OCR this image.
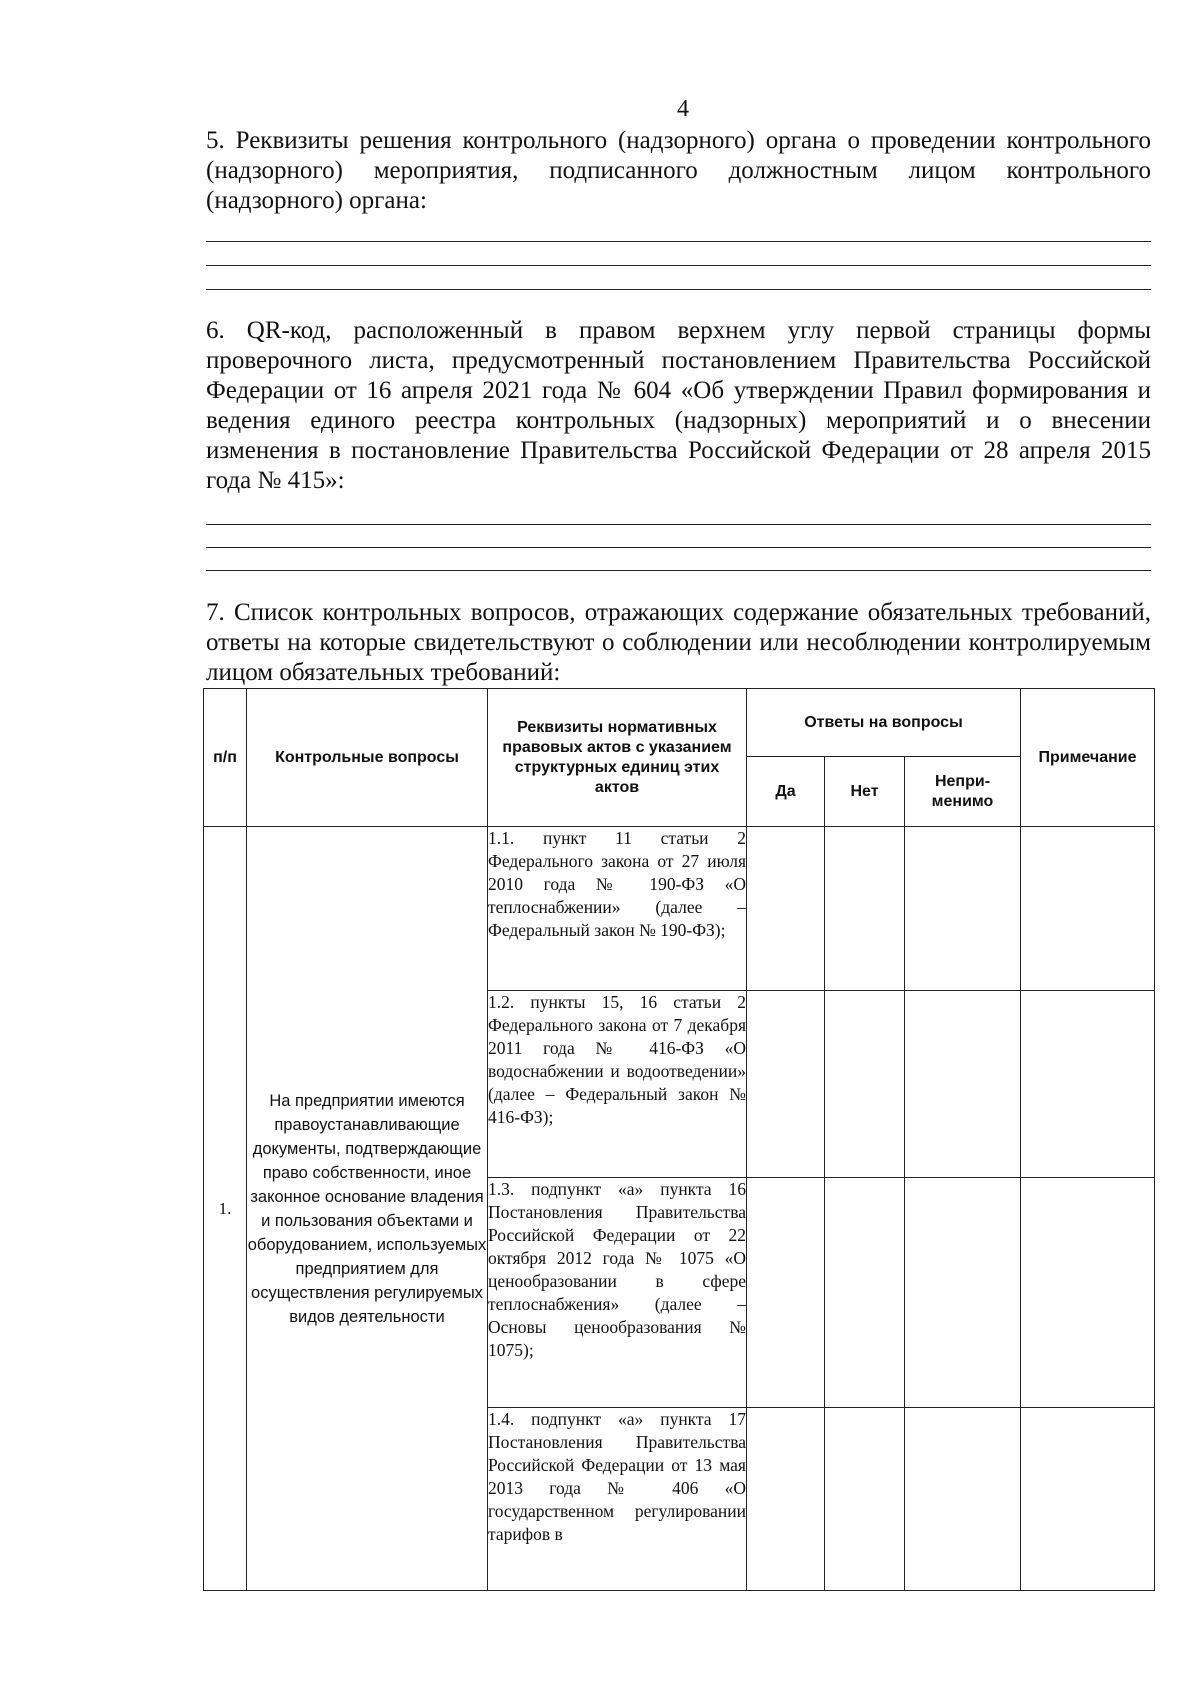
4
5. Реквизиты решения контрольного (надзорного) органа о проведении контрольного (надзорного) мероприятия, подписанного должностным лицом контрольного (надзорного) органа:
6. QR-код, расположенный в правом верхнем углу первой страницы формы проверочного листа, предусмотренный постановлением Правительства Российской Федерации от 16 апреля 2021 года № 604 «Об утверждении Правил формирования и ведения единого реестра контрольных (надзорных) мероприятий и о внесении изменения в постановление Правительства Российской Федерации от 28 апреля 2015 года № 415»:
7. Список контрольных вопросов, отражающих содержание обязательных требований, ответы на которые свидетельствуют о соблюдении или несоблюдении контролируемым лицом обязательных требований:
п/п	Контрольные вопросы	Реквизиты нормативных правовых актов с указанием структурных единиц этих актов	Ответы на вопросы			Примечание
			Да	Нет	Непри-менимо	
1.	На предприятии имеются правоустанавливающие документы, подтверждающие право собственности, иное законное основание владения и пользования объектами и оборудованием, используемых предприятием для осуществления регулируемых видов деятельности	1.1. пункт 11 статьи 2 Федерального закона от 27 июля 2010 года № 190-ФЗ «О теплоснабжении» (далее – Федеральный закон № 190-ФЗ);				
		1.2. пункты 15, 16 статьи 2 Федерального закона от 7 декабря 2011 года № 416-ФЗ «О водоснабжении и водоотведении» (далее – Федеральный закон № 416-ФЗ);				
		1.3. подпункт «а» пункта 16 Постановления Правительства Российской Федерации от 22 октября 2012 года № 1075 «О ценообразовании в сфере теплоснабжения» (далее – Основы ценообразования № 1075);				
		1.4. подпункт «а» пункта 17 Постановления Правительства Российской Федерации от 13 мая 2013 года № 406 «О государственном регулировании тарифов в				
